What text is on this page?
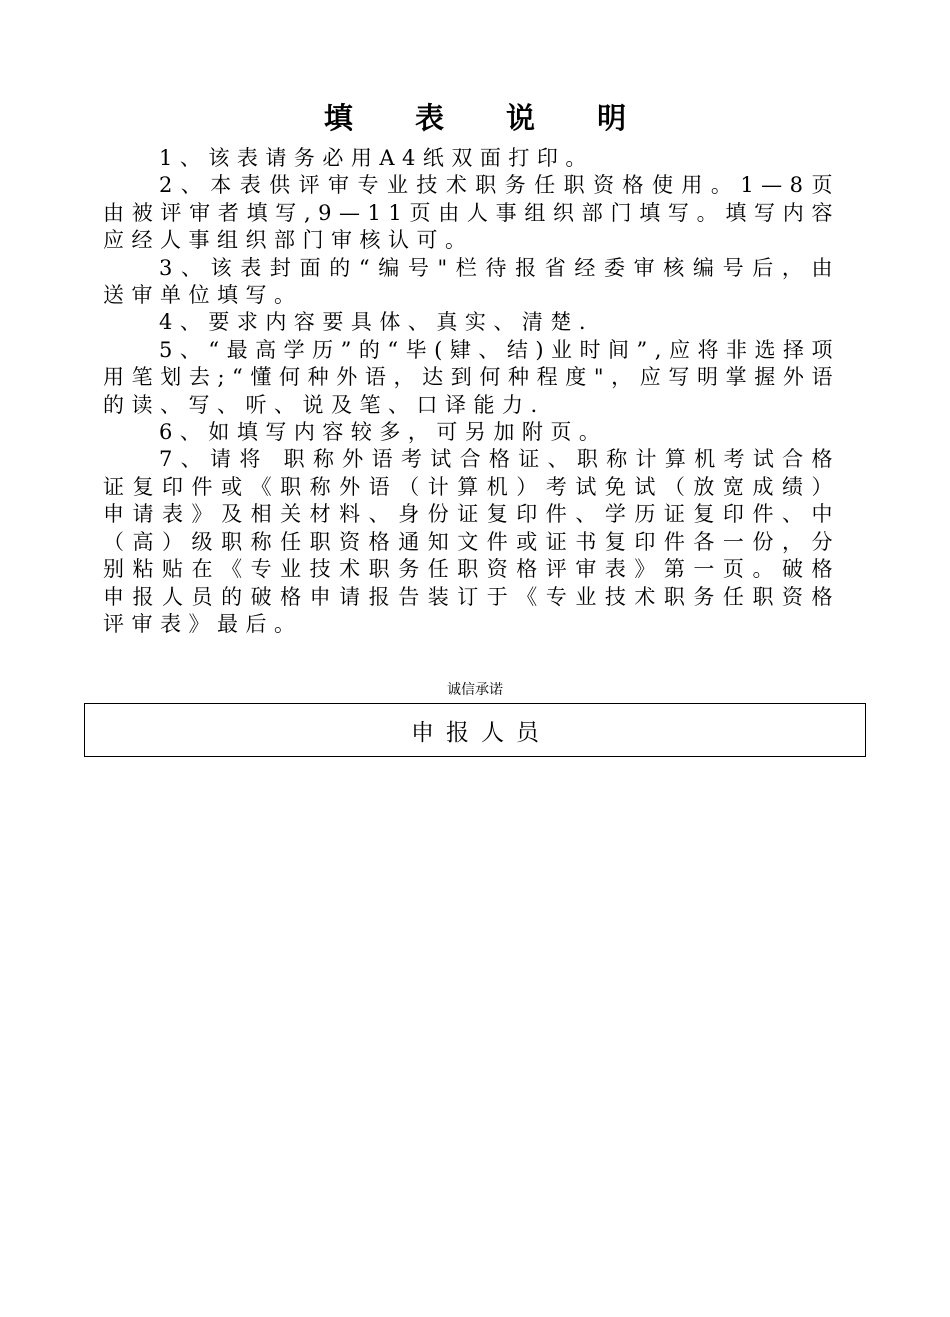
填 表 说 明

1、该表请务必用A4纸双面打印。

2、本表供评审专业技术职务任职资格使用。1—8页由被评审者填写,9—11页由人事组织部门填写。填写内容应经人事组织部门审核认可。

3、该表封面的“编号"栏待报省经委审核编号后，由送审单位填写。

4、要求内容要具体、真实、清楚.

5、“最高学历”的“毕(肄、结)业时间”,应将非选择项用笔划去;“懂何种外语，达到何种程度"，应写明掌握外语的读、写、听、说及笔、口译能力.

6、如填写内容较多，可另加附页。

7、请将 职称外语考试合格证、职称计算机考试合格证复印件或《职称外语（计算机）考试免试（放宽成绩）申请表》及相关材料、身份证复印件、学历证复印件、中（高）级职称任职资格通知文件或证书复印件各一份，分别粘贴在《专业技术职务任职资格评审表》第一页。破格申报人员的破格申请报告装订于《专业技术职务任职资格评审表》最后。

诚信承诺
申报人员
